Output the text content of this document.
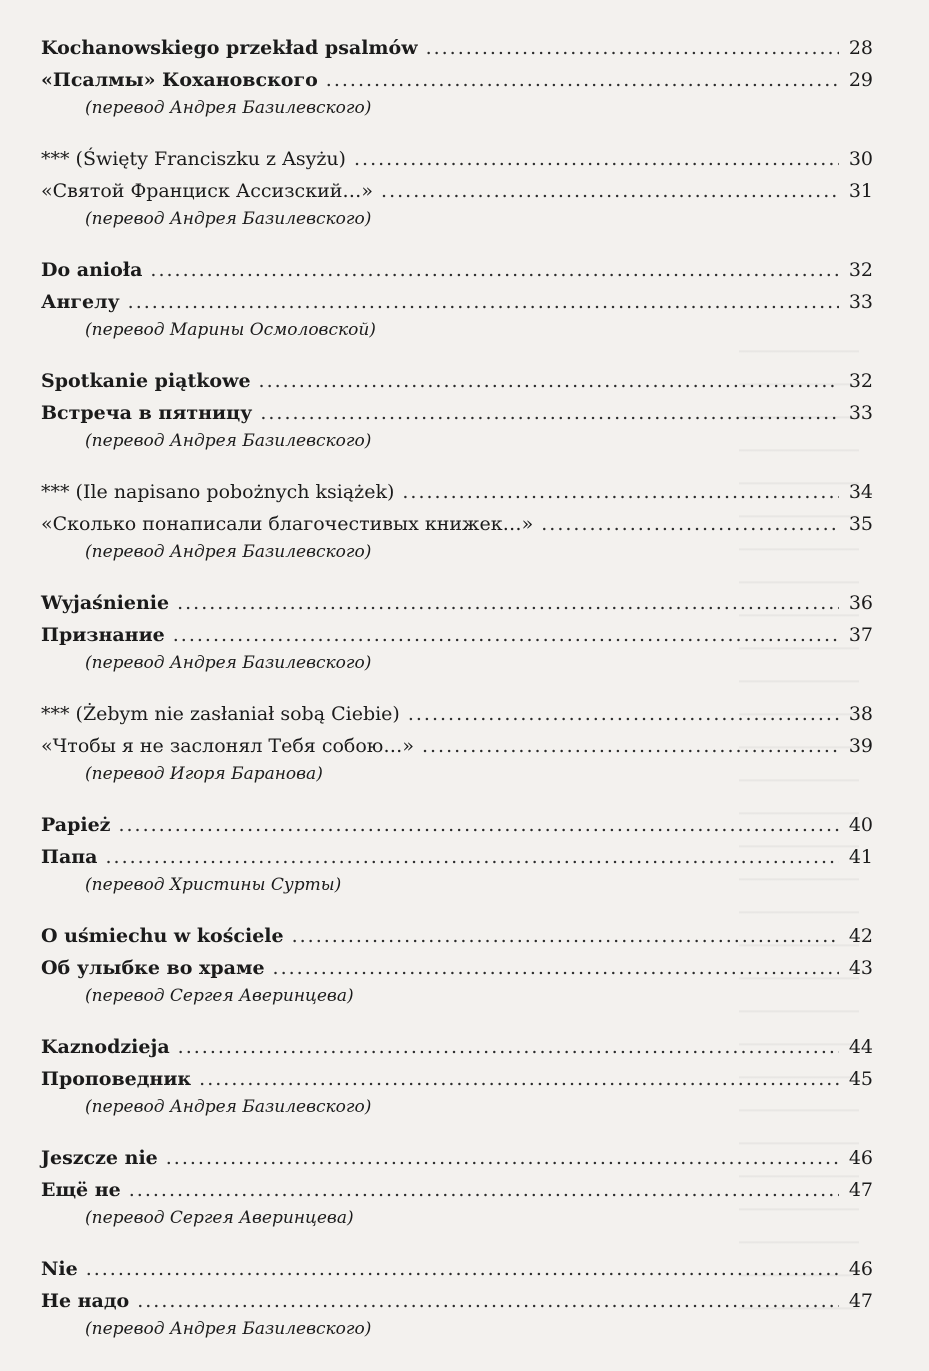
Kochanowskiego przekład psalmów .....	28
«Псалмы» Кохановского .....	29
(перевод Андрея Базилевского)
*** (Święty Franciszku z Asyżu) .....	30
«Святой Франциск Ассизский…» .....	31
(перевод Андрея Базилевского)
Do anioła .....	32
Ангелу .....	33
(перевод Марины Осмоловской)
Spotkanie piątkowe .....	32
Встреча в пятницу .....	33
(перевод Андрея Базилевского)
*** (Ile napisano pobożnych książek) .....	34
«Сколько понаписали благочестивых книжек…» .....	35
(перевод Андрея Базилевского)
Wyjaśnienie .....	36
Признание .....	37
(перевод Андрея Базилевского)
*** (Żebym nie zasłaniał sobą Ciebie) .....	38
«Чтобы я не заслонял Тебя собою…» .....	39
(перевод Игоря Баранова)
Papież .....	40
Папа .....	41
(перевод Христины Сурты)
O uśmiechu w kościele .....	42
Об улыбке во храме .....	43
(перевод Сергея Аверинцева)
Kaznodzieja .....	44
Проповедник .....	45
(перевод Андрея Базилевского)
Jeszcze nie .....	46
Ещё не .....	47
(перевод Сергея Аверинцева)
Nie .....	46
Не надо .....	47
(перевод Андрея Базилевского)
